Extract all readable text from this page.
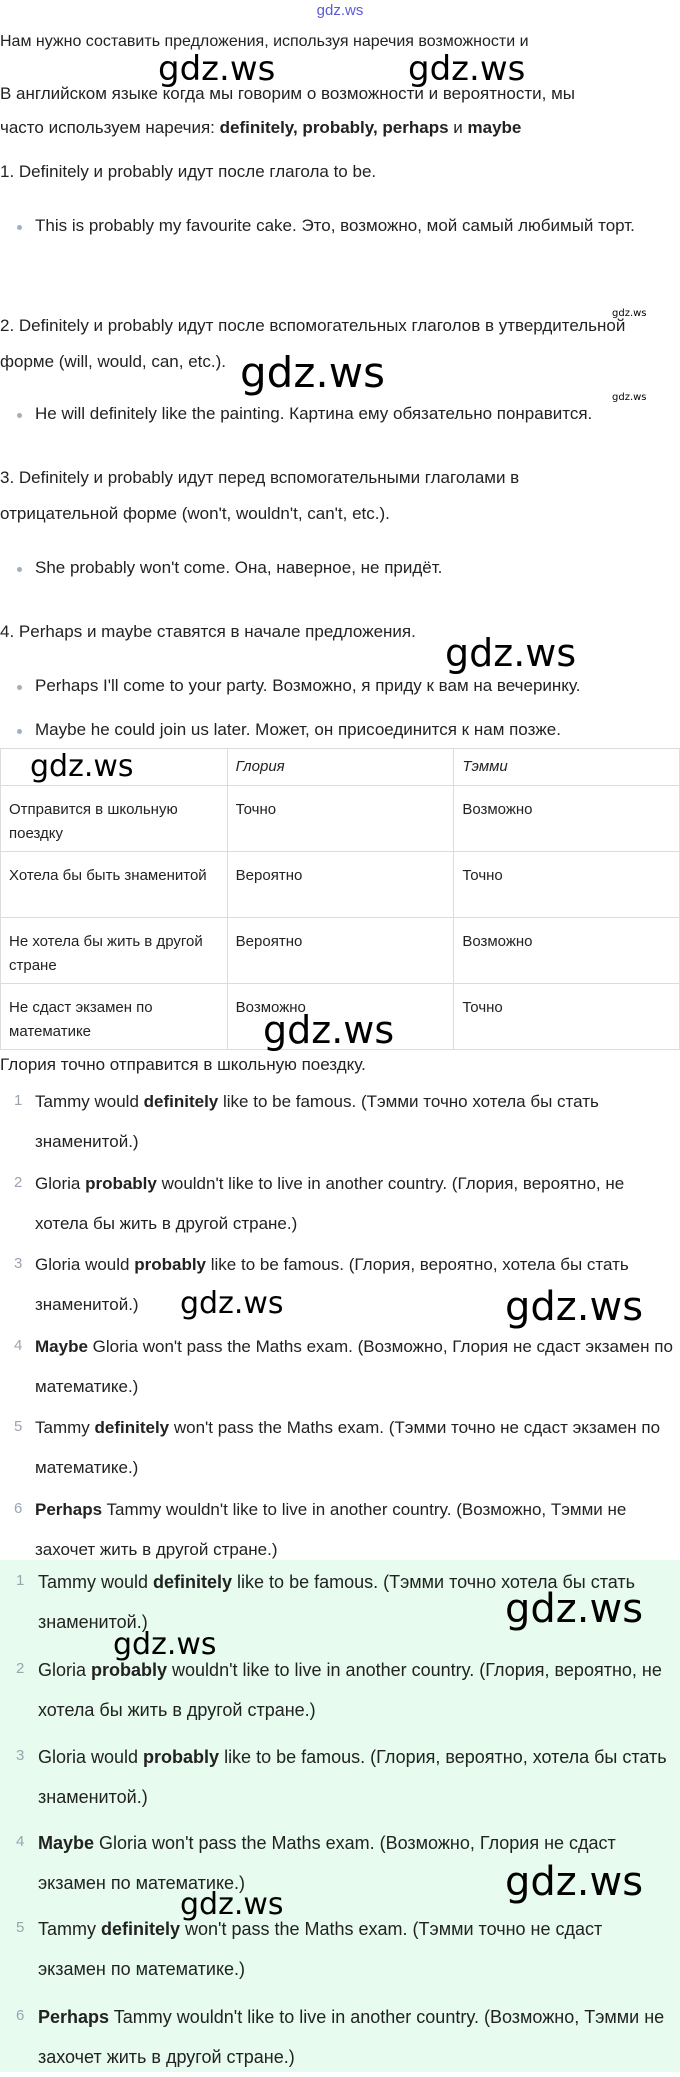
gdz.ws
Нам нужно составить предложения, используя наречия возможности и
В английском языке когда мы говорим о возможности и вероятности, мы
часто используем наречия: definitely, probably, perhaps и maybe
1. Definitely и probably идут после глагола to be.
This is probably my favourite cake. Это, возможно, мой самый любимый торт.
2. Definitely и probably идут после вспомогательных глаголов в утвердительной форме (will, would, can, etc.).
He will definitely like the painting. Картина ему обязательно понравится.
3. Definitely и probably идут перед вспомогательными глаголами в отрицательной форме (won't, wouldn't, can't, etc.).
She probably won't come. Она, наверное, не придёт.
4. Perhaps и maybe ставятся в начале предложения.
Perhaps I'll come to your party. Возможно, я приду к вам на вечеринку.
Maybe he could join us later. Может, он присоединится к нам позже.
	Глория	Тэмми
Отправится в школьную поездку	Точно	Возможно
Хотела бы быть знаменитой	Вероятно	Точно
Не хотела бы жить в другой стране	Вероятно	Возможно
Не сдаст экзамен по математике	Возможно	Точно
Глория точно отправится в школьную поездку.
1 Tammy would definitely like to be famous. (Тэмми точно хотела бы стать знаменитой.)
2 Gloria probably wouldn't like to live in another country. (Глория, вероятно, не хотела бы жить в другой стране.)
3 Gloria would probably like to be famous. (Глория, вероятно, хотела бы стать знаменитой.)
4 Maybe Gloria won't pass the Maths exam. (Возможно, Глория не сдаст экзамен по математике.)
5 Tammy definitely won't pass the Maths exam. (Тэмми точно не сдаст экзамен по математике.)
6 Perhaps Tammy wouldn't like to live in another country. (Возможно, Тэмми не захочет жить в другой стране.)
1 Tammy would definitely like to be famous. (Тэмми точно хотела бы стать знаменитой.)
2 Gloria probably wouldn't like to live in another country. (Глория, вероятно, не хотела бы жить в другой стране.)
3 Gloria would probably like to be famous. (Глория, вероятно, хотела бы стать знаменитой.)
4 Maybe Gloria won't pass the Maths exam. (Возможно, Глория не сдаст экзамен по математике.)
5 Tammy definitely won't pass the Maths exam. (Тэмми точно не сдаст экзамен по математике.)
6 Perhaps Tammy wouldn't like to live in another country. (Возможно, Тэмми не захочет жить в другой стране.)
gdz.ws	gdz.ws
gdz.ws
gdz.ws
gdz.ws
gdz.ws
gdz.ws
gdz.ws
gdz.ws	gdz.ws
gdz.ws
gdz.ws
gdz.ws
gdz.ws
